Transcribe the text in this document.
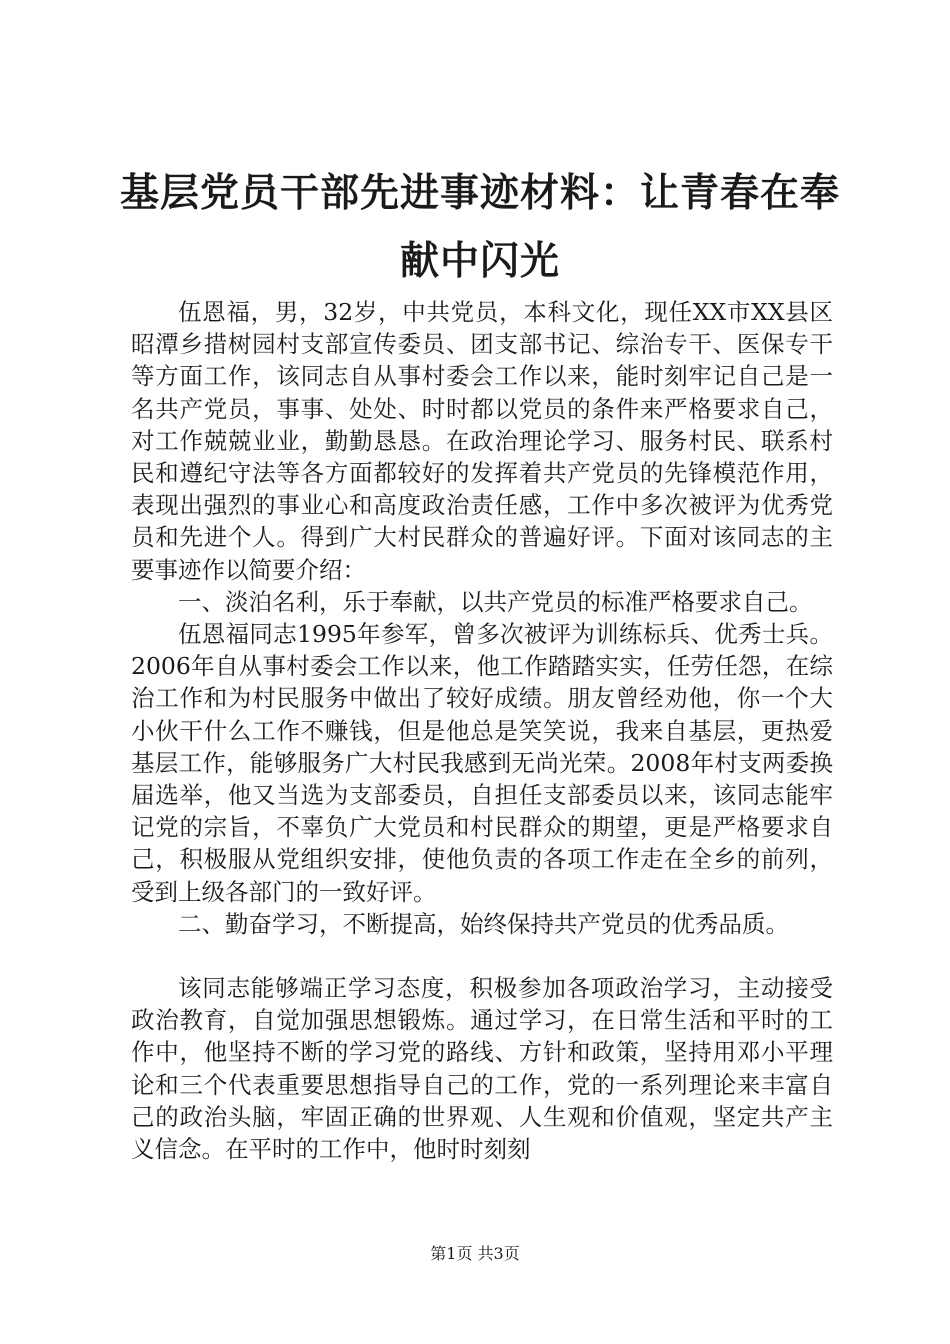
基层党员干部先进事迹材料：让青春在奉献中闪光

伍恩福，男，32岁，中共党员，本科文化，现任XX市XX县区昭潭乡措树园村支部宣传委员、团支部书记、综治专干、医保专干等方面工作，该同志自从事村委会工作以来，能时刻牢记自己是一名共产党员，事事、处处、时时都以党员的条件来严格要求自己，对工作兢兢业业，勤勤恳恳。在政治理论学习、服务村民、联系村民和遵纪守法等各方面都较好的发挥着共产党员的先锋模范作用，表现出强烈的事业心和高度政治责任感，工作中多次被评为优秀党员和先进个人。得到广大村民群众的普遍好评。下面对该同志的主要事迹作以简要介绍：

一、淡泊名利，乐于奉献，以共产党员的标准严格要求自己。

伍恩福同志1995年参军，曾多次被评为训练标兵、优秀士兵。2006年自从事村委会工作以来，他工作踏踏实实，任劳任怨，在综治工作和为村民服务中做出了较好成绩。朋友曾经劝他，你一个大小伙干什么工作不赚钱，但是他总是笑笑说，我来自基层，更热爱基层工作，能够服务广大村民我感到无尚光荣。2008年村支两委换届选举，他又当选为支部委员，自担任支部委员以来，该同志能牢记党的宗旨，不辜负广大党员和村民群众的期望，更是严格要求自己，积极服从党组织安排，使他负责的各项工作走在全乡的前列，受到上级各部门的一致好评。

二、勤奋学习，不断提高，始终保持共产党员的优秀品质。

该同志能够端正学习态度，积极参加各项政治学习，主动接受政治教育，自觉加强思想锻炼。通过学习，在日常生活和平时的工作中，他坚持不断的学习党的路线、方针和政策，坚持用邓小平理论和三个代表重要思想指导自己的工作，党的一系列理论来丰富自己的政治头脑，牢固正确的世界观、人生观和价值观，坚定共产主义信念。在平时的工作中，他时时刻刻

第1页 共3页
